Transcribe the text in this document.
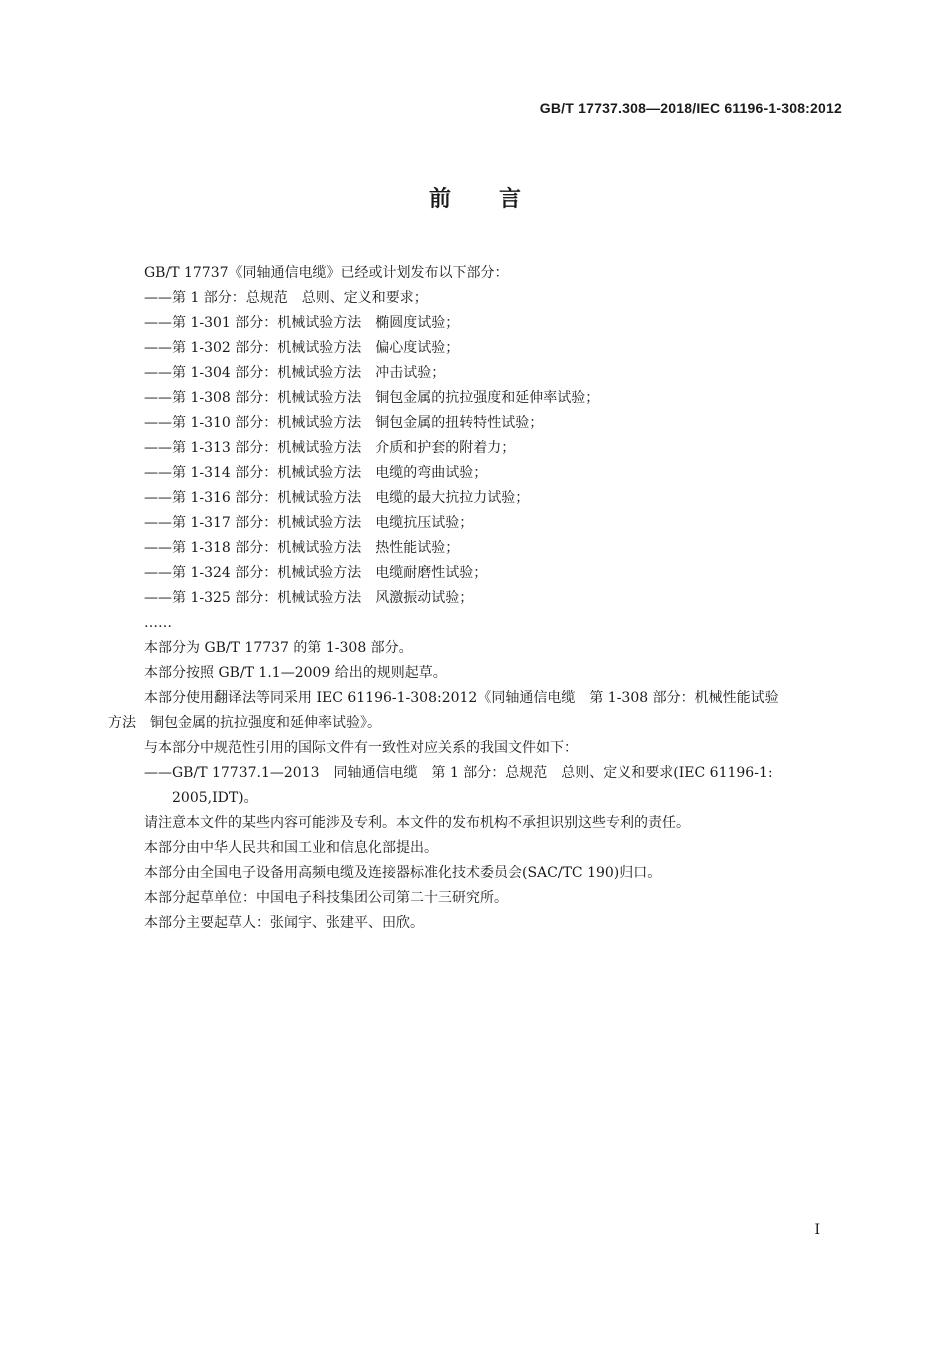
GB/T 17737.308—2018/IEC 61196-1-308:2012
前言
GB/T 17737《同轴通信电缆》已经或计划发布以下部分：
——第 1 部分：总规范　总则、定义和要求；
——第 1-301 部分：机械试验方法　椭圆度试验；
——第 1-302 部分：机械试验方法　偏心度试验；
——第 1-304 部分：机械试验方法　冲击试验；
——第 1-308 部分：机械试验方法　铜包金属的抗拉强度和延伸率试验；
——第 1-310 部分：机械试验方法　铜包金属的扭转特性试验；
——第 1-313 部分：机械试验方法　介质和护套的附着力；
——第 1-314 部分：机械试验方法　电缆的弯曲试验；
——第 1-316 部分：机械试验方法　电缆的最大抗拉力试验；
——第 1-317 部分：机械试验方法　电缆抗压试验；
——第 1-318 部分：机械试验方法　热性能试验；
——第 1-324 部分：机械试验方法　电缆耐磨性试验；
——第 1-325 部分：机械试验方法　风激振动试验；
……
本部分为 GB/T 17737 的第 1-308 部分。
本部分按照 GB/T 1.1—2009 给出的规则起草。
本部分使用翻译法等同采用 IEC 61196-1-308:2012《同轴通信电缆　第 1-308 部分：机械性能试验
方法　铜包金属的抗拉强度和延伸率试验》。
与本部分中规范性引用的国际文件有一致性对应关系的我国文件如下：
——GB/T 17737.1—2013　同轴通信电缆　第 1 部分：总规范　总则、定义和要求(IEC 61196-1:
2005,IDT)。
请注意本文件的某些内容可能涉及专利。本文件的发布机构不承担识别这些专利的责任。
本部分由中华人民共和国工业和信息化部提出。
本部分由全国电子设备用高频电缆及连接器标准化技术委员会(SAC/TC 190)归口。
本部分起草单位：中国电子科技集团公司第二十三研究所。
本部分主要起草人：张闻宇、张建平、田欣。
I
